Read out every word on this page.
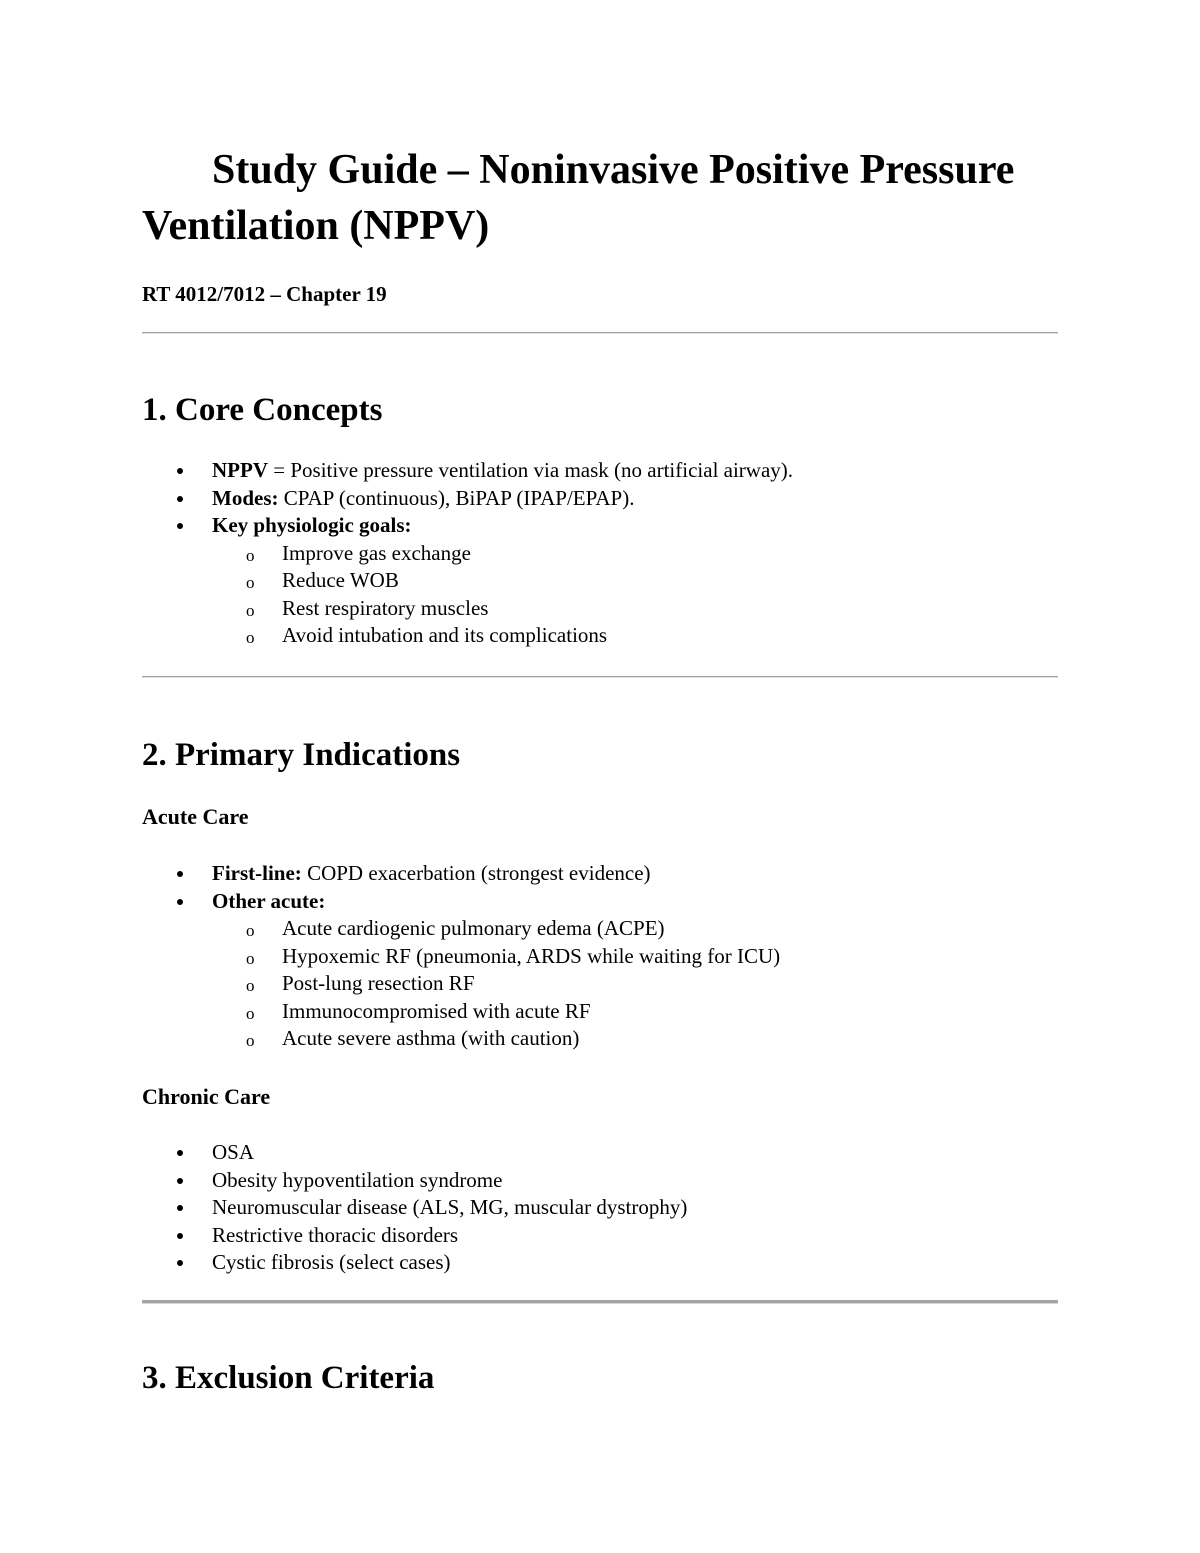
Study Guide – Noninvasive Positive Pressure Ventilation (NPPV)
RT 4012/7012 – Chapter 19
1. Core Concepts
NPPV = Positive pressure ventilation via mask (no artificial airway).
Modes: CPAP (continuous), BiPAP (IPAP/EPAP).
Key physiologic goals:
o Improve gas exchange
o Reduce WOB
o Rest respiratory muscles
o Avoid intubation and its complications
2. Primary Indications
Acute Care
First-line: COPD exacerbation (strongest evidence)
Other acute:
o Acute cardiogenic pulmonary edema (ACPE)
o Hypoxemic RF (pneumonia, ARDS while waiting for ICU)
o Post-lung resection RF
o Immunocompromised with acute RF
o Acute severe asthma (with caution)
Chronic Care
OSA
Obesity hypoventilation syndrome
Neuromuscular disease (ALS, MG, muscular dystrophy)
Restrictive thoracic disorders
Cystic fibrosis (select cases)
3. Exclusion Criteria
